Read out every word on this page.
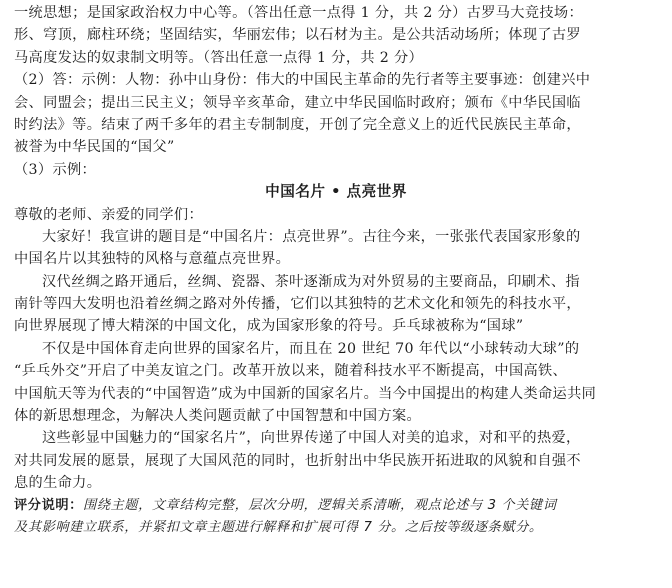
一统思想；是国家政治权力中心等。（答出任意一点得 1 分，共 2 分）古罗马大竞技场：
形、穹顶，廊柱环绕；坚固结实，华丽宏伟；以石材为主。是公共活动场所；体现了古罗
马高度发达的奴隶制文明等。（答出任意一点得 1 分，共 2 分）
（2）答：示例：人物：孙中山身份：伟大的中国民主革命的先行者等主要事迹：创建兴中
会、同盟会；提出三民主义；领导辛亥革命，建立中华民国临时政府；颁布《中华民国临
时约法》等。结束了两千多年的君主专制制度，开创了完全意义上的近代民族民主革命，
被誉为中华民国的“国父”
（3）示例：
中国名片 • 点亮世界
尊敬的老师、亲爱的同学们：
大家好！我宣讲的题目是“中国名片：点亮世界”。古往今来，一张张代表国家形象的
中国名片以其独特的风格与意蕴点亮世界。
汉代丝绸之路开通后，丝绸、瓷器、茶叶逐渐成为对外贸易的主要商品，印刷术、指
南针等四大发明也沿着丝绸之路对外传播，它们以其独特的艺术文化和领先的科技水平，
向世界展现了博大精深的中国文化，成为国家形象的符号。乒乓球被称为“国球”
不仅是中国体育走向世界的国家名片，而且在 20 世纪 70 年代以“小球转动大球”的
“乒乓外交”开启了中美友谊之门。改革开放以来，随着科技水平不断提高，中国高铁、
中国航天等为代表的“中国智造”成为中国新的国家名片。当今中国提出的构建人类命运共同
体的新思想理念，为解决人类问题贡献了中国智慧和中国方案。
这些彰显中国魅力的“国家名片”，向世界传递了中国人对美的追求，对和平的热爱，
对共同发展的愿景，展现了大国风范的同时，也折射出中华民族开拓进取的风貌和自强不
息的生命力。
评分说明：围绕主题，文章结构完整，层次分明，逻辑关系清晰，观点论述与 3 个关键词
及其影响建立联系，并紧扣文章主题进行解释和扩展可得 7 分。之后按等级逐条赋分。
